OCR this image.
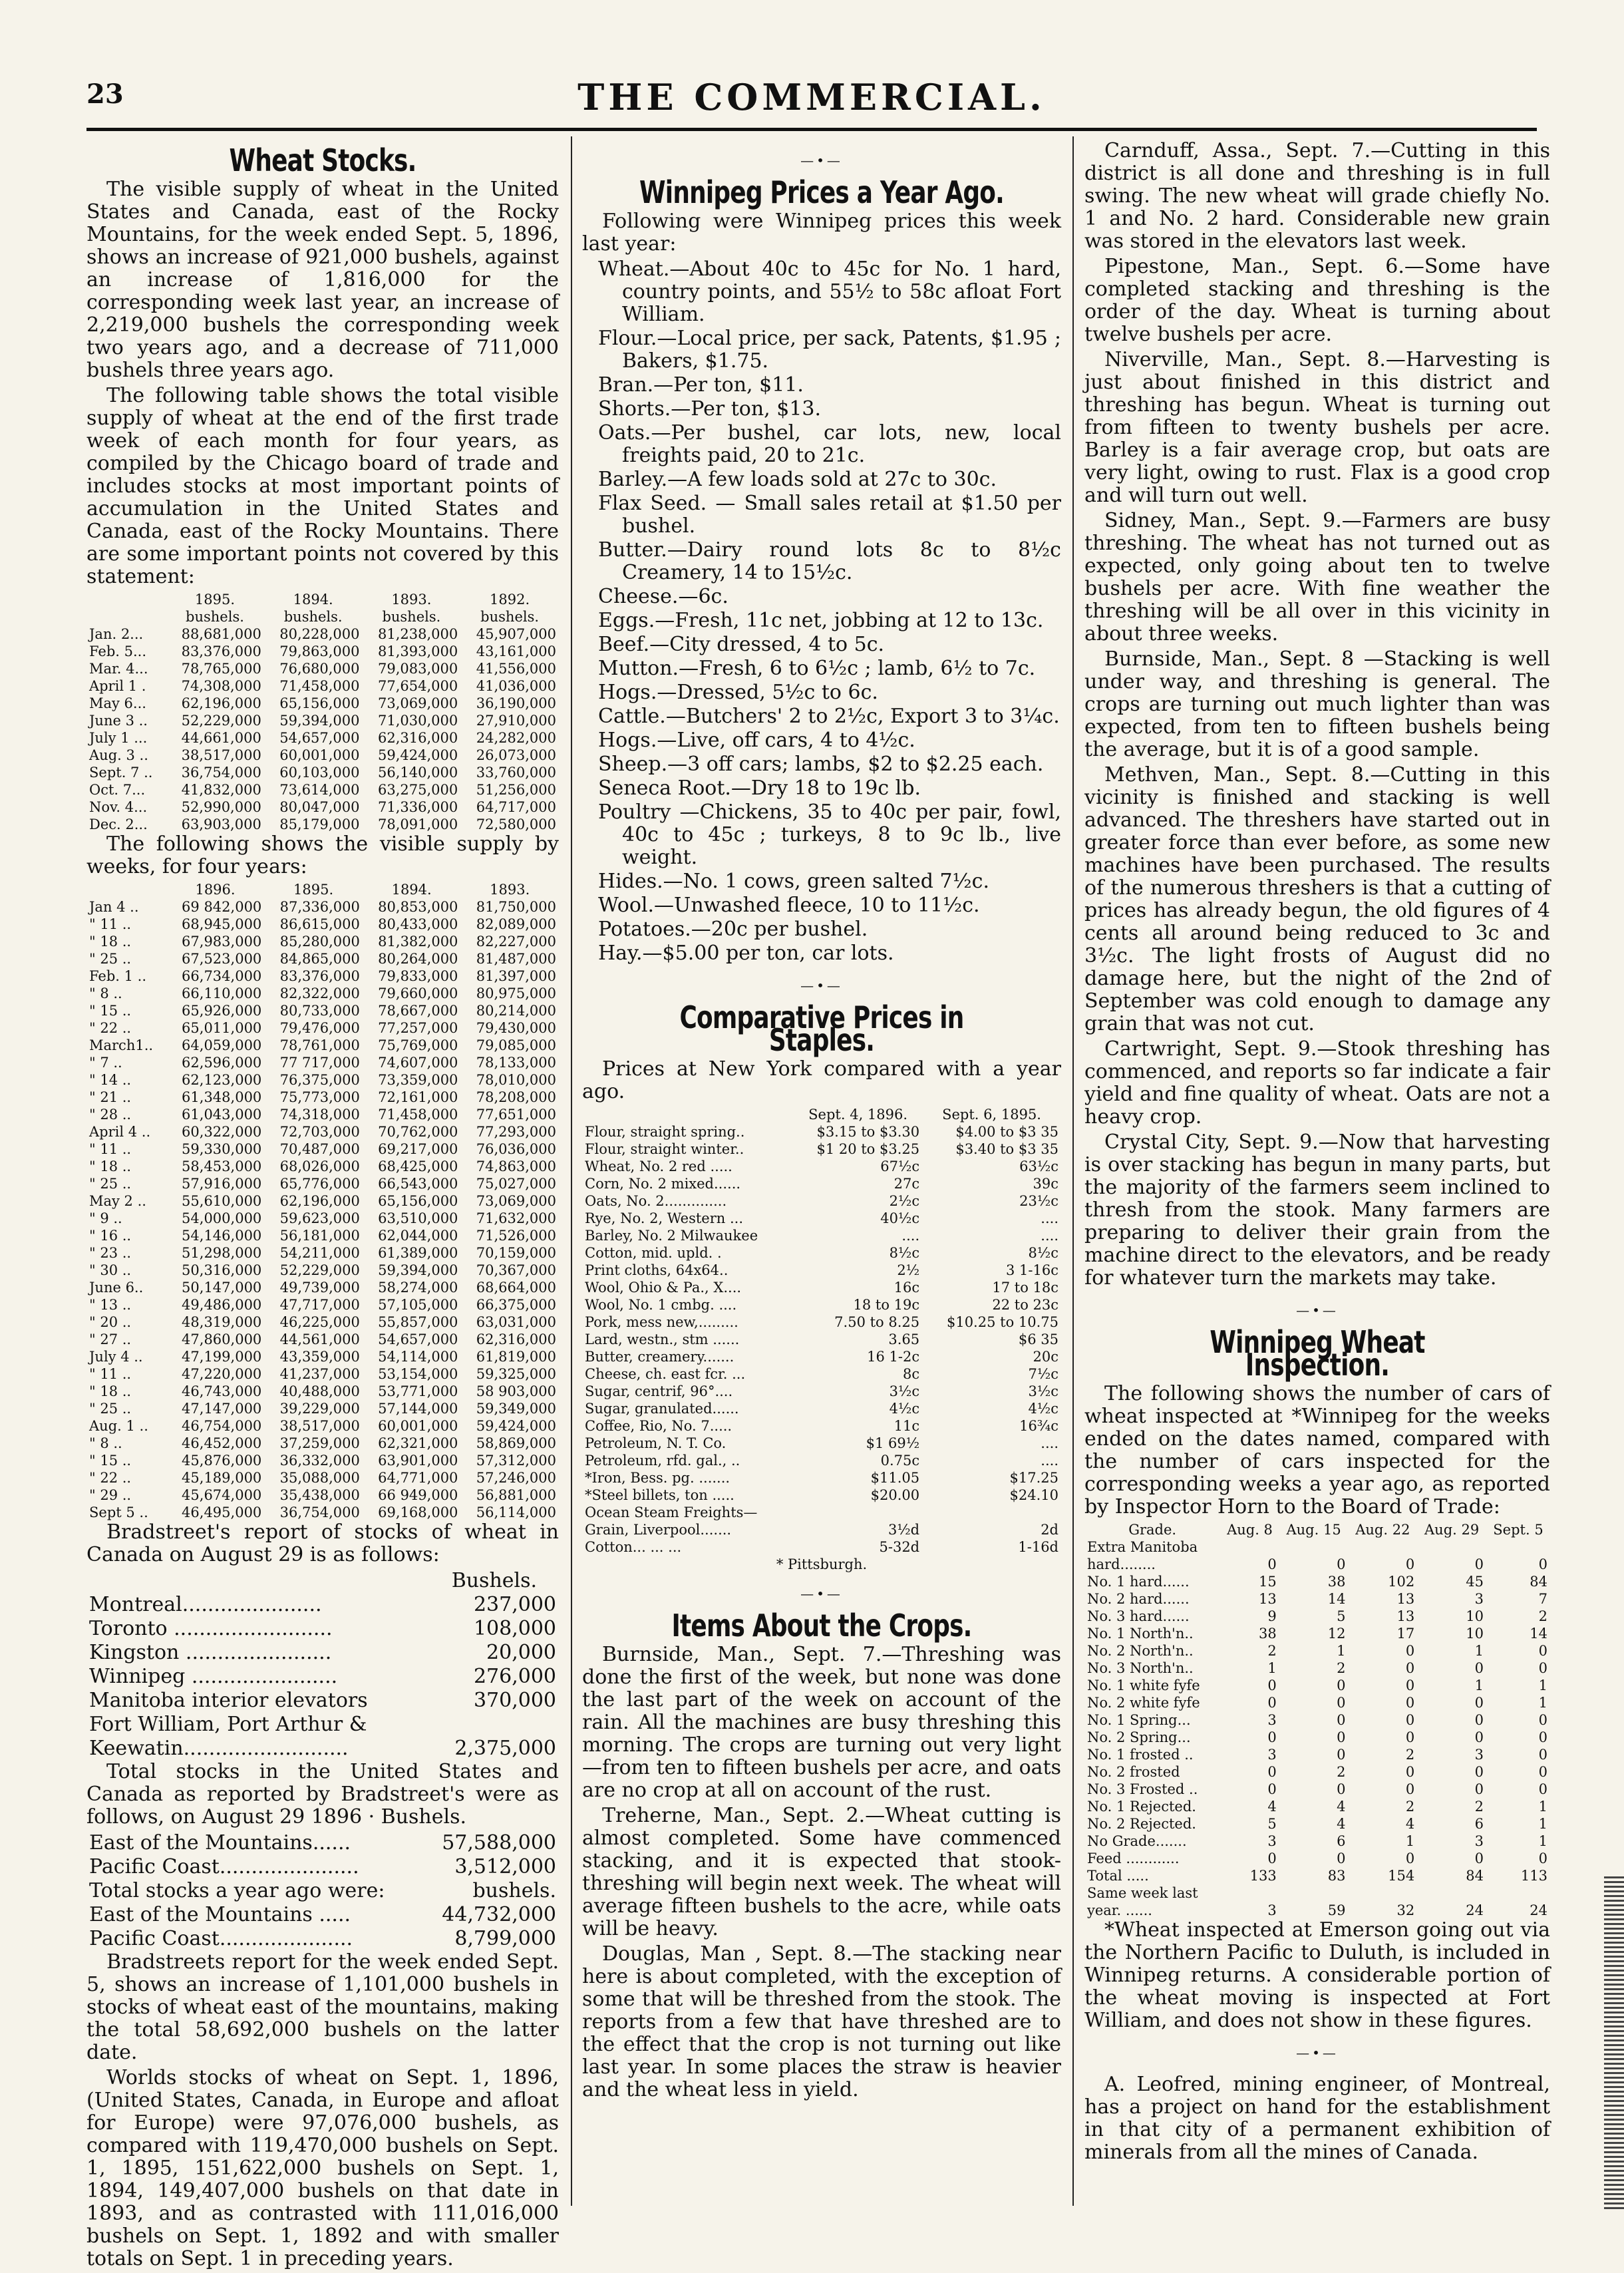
23	THE COMMERCIAL.
Wheat Stocks.

The visible supply of wheat in the United States and Canada, east of the Rocky Mountains, for the week ended Sept. 5, 1896, shows an increase of 921,000 bushels, against an increase of 1,816,000 for the corresponding week last year, an increase of 2,219,000 bushels the corresponding week two years ago, and a decrease of 711,000 bushels three years ago.

The following table shows the total visible supply of wheat at the end of the first trade week of each month for four years, as compiled by the Chicago board of trade and includes stocks at most important points of accumulation in the United States and Canada, east of the Rocky Mountains. There are some important points not covered by this statement:

	1895.	1894.	1893.	1892.
	bushels.	bushels.	bushels.	bushels.
Jan. 2...	88,681,000	80,228,000	81,238,000	45,907,000
Feb. 5...	83,376,000	79,863,000	81,393,000	43,161,000
Mar. 4...	78,765,000	76,680,000	79,083,000	41,556,000
April 1 .	74,308,000	71,458,000	77,654,000	41,036,000
May 6...	62,196,000	65,156,000	73,069,000	36,190,000
June 3 ..	52,229,000	59,394,000	71,030,000	27,910,000
July 1 ...	44,661,000	54,657,000	62,316,000	24,282,000
Aug. 3 ..	38,517,000	60,001,000	59,424,000	26,073,000
Sept. 7 ..	36,754,000	60,103,000	56,140,000	33,760,000
Oct. 7...	41,832,000	73,614,000	63,275,000	51,256,000
Nov. 4...	52,990,000	80,047,000	71,336,000	64,717,000
Dec. 2...	63,903,000	85,179,000	78,091,000	72,580,000

The following shows the visible supply by weeks, for four years:

	1896.	1895.	1894.	1893.
Jan 4 ..	69 842,000	87,336,000	80,853,000	81,750,000
" 11 ..	68,945,000	86,615,000	80,433,000	82,089,000
" 18 ..	67,983,000	85,280,000	81,382,000	82,227,000
" 25 ..	67,523,000	84,865,000	80,264,000	81,487,000
Feb. 1 ..	66,734,000	83,376,000	79,833,000	81,397,000
" 8 ..	66,110,000	82,322,000	79,660,000	80,975,000
" 15 ..	65,926,000	80,733,000	78,667,000	80,214,000
" 22 ..	65,011,000	79,476,000	77,257,000	79,430,000
March1..	64,059,000	78,761,000	75,769,000	79,085,000
" 7 ..	62,596,000	77 717,000	74,607,000	78,133,000
" 14 ..	62,123,000	76,375,000	73,359,000	78,010,000
" 21 ..	61,348,000	75,773,000	72,161,000	78,208,000
" 28 ..	61,043,000	74,318,000	71,458,000	77,651,000
April 4 ..	60,322,000	72,703,000	70,762,000	77,293,000
" 11 ..	59,330,000	70,487,000	69,217,000	76,036,000
" 18 ..	58,453,000	68,026,000	68,425,000	74,863,000
" 25 ..	57,916,000	65,776,000	66,543,000	75,027,000
May 2 ..	55,610,000	62,196,000	65,156,000	73,069,000
" 9 ..	54,000,000	59,623,000	63,510,000	71,632,000
" 16 ..	54,146,000	56,181,000	62,044,000	71,526,000
" 23 ..	51,298,000	54,211,000	61,389,000	70,159,000
" 30 ..	50,316,000	52,229,000	59,394,000	70,367,000
June 6..	50,147,000	49,739,000	58,274,000	68,664,000
" 13 ..	49,486,000	47,717,000	57,105,000	66,375,000
" 20 ..	48,319,000	46,225,000	55,857,000	63,031,000
" 27 ..	47,860,000	44,561,000	54,657,000	62,316,000
July 4 ..	47,199,000	43,359,000	54,114,000	61,819,000
" 11 ..	47,220,000	41,237,000	53,154,000	59,325,000
" 18 ..	46,743,000	40,488,000	53,771,000	58 903,000
" 25 ..	47,147,000	39,229,000	57,144,000	59,349,000
Aug. 1 ..	46,754,000	38,517,000	60,001,000	59,424,000
" 8 ..	46,452,000	37,259,000	62,321,000	58,869,000
" 15 ..	45,876,000	36,332,000	63,901,000	57,312,000
" 22 ..	45,189,000	35,088,000	64,771,000	57,246,000
" 29 ..	45,674,000	35,438,000	66 949,000	56,881,000
Sept 5 ..	46,495,000	36,754,000	69,168,000	56,114,000

Bradstreet's report of stocks of wheat in Canada on August 29 is as follows:

	Bushels.
Montreal......................	237,000
Toronto .........................	108,000
Kingston .......................	20,000
Winnipeg .......................	276,000
Manitoba interior elevators	370,000
Fort William, Port Arthur &	
Keewatin..........................	2,375,000

Total stocks in the United States and Canada as reported by Bradstreet's were as follows, on August 29 1896 · Bushels.

East of the Mountains......	57,588,000
Pacific Coast......................	3,512,000
Total stocks a year ago were:	bushels.
East of the Mountains .....	44,732,000
Pacific Coast.....................	8,799,000

Bradstreets report for the week ended Sept. 5, shows an increase of 1,101,000 bushels in stocks of wheat east of the mountains, making the total 58,692,000 bushels on the latter date.

Worlds stocks of wheat on Sept. 1, 1896, (United States, Canada, in Europe and afloat for Europe) were 97,076,000 bushels, as compared with 119,470,000 bushels on Sept. 1, 1895, 151,622,000 bushels on Sept. 1, 1894, 149,407,000 bushels on that date in 1893, and as contrasted with 111,016,000 bushels on Sept. 1, 1892 and with smaller totals on Sept. 1 in preceding years.

—•—
Winnipeg Prices a Year Ago.

Following were Winnipeg prices this week last year:

Wheat.—About 40c to 45c for No. 1 hard, country points, and 55½ to 58c afloat Fort William.

Flour.—Local price, per sack, Patents, $1.95 ; Bakers, $1.75.

Bran.—Per ton, $11.

Shorts.—Per ton, $13.

Oats.—Per bushel, car lots, new, local freights paid, 20 to 21c.

Barley.—A few loads sold at 27c to 30c.

Flax Seed. — Small sales retail at $1.50 per bushel.

Butter.—Dairy round lots 8c to 8½c Creamery, 14 to 15½c.

Cheese.—6c.

Eggs.—Fresh, 11c net, jobbing at 12 to 13c.

Beef.—City dressed, 4 to 5c.

Mutton.—Fresh, 6 to 6½c ; lamb, 6½ to 7c.

Hogs.—Dressed, 5½c to 6c.

Cattle.—Butchers' 2 to 2½c, Export 3 to 3¼c.

Hogs.—Live, off cars, 4 to 4½c.

Sheep.—3 off cars; lambs, $2 to $2.25 each.

Seneca Root.—Dry 18 to 19c lb.

Poultry —Chickens, 35 to 40c per pair, fowl, 40c to 45c ; turkeys, 8 to 9c lb., live weight.

Hides.—No. 1 cows, green salted 7½c.

Wool.—Unwashed fleece, 10 to 11½c.

Potatoes.—20c per bushel.

Hay.—$5.00 per ton, car lots.

—•—
Comparative Prices in Staples.

Prices at New York compared with a year ago.

	Sept. 4, 1896.	Sept. 6, 1895.
Flour, straight spring..	$3.15 to $3.30	$4.00 to $3 35
Flour, straight winter..	$1 20 to $3.25	$3.40 to $3 35
Wheat, No. 2 red .....	67½c	63½c
Corn, No. 2 mixed......	27c	39c
Oats, No. 2..............	2½c	23½c
Rye, No. 2, Western ...	40½c	....
Barley, No. 2 Milwaukee	....	....
Cotton, mid. upld. .	8½c	8½c
Print cloths, 64x64..	2½	3 1-16c
Wool, Ohio & Pa., X....	16c	17 to 18c
Wool, No. 1 cmbg. ....	18 to 19c	22 to 23c
Pork, mess new,.........	7.50 to 8.25	$10.25 to 10.75
Lard, westn., stm ......	3.65	$6 35
Butter, creamery.......	16 1-2c	20c
Cheese, ch. east fcr. ...	8c	7½c
Sugar, centrif, 96°....	3½c	3½c
Sugar, granulated......	4½c	4½c
Coffee, Rio, No. 7.....	11c	16¾c
Petroleum, N. T. Co.	$1 69½	....
Petroleum, rfd. gal., ..	0.75c	....
*Iron, Bess. pg. .......	$11.05	$17.25
*Steel billets, ton .....	$20.00	$24.10
Ocean Steam Freights—		
Grain, Liverpool.......	3½d	2d
Cotton... ... ...	5-32d	1-16d
* Pittsburgh.
—•—
Items About the Crops.

Burnside, Man., Sept. 7.—Threshing was done the first of the week, but none was done the last part of the week on account of the rain. All the machines are busy threshing this morning. The crops are turning out very light—from ten to fifteen bushels per acre, and oats are no crop at all on account of the rust.

Treherne, Man., Sept. 2.—Wheat cutting is almost completed. Some have commenced stacking, and it is expected that stook-threshing will begin next week. The wheat will average fifteen bushels to the acre, while oats will be heavy.

Douglas, Man , Sept. 8.—The stacking near here is about completed, with the exception of some that will be threshed from the stook. The reports from a few that have threshed are to the effect that the crop is not turning out like last year. In some places the straw is heavier and the wheat less in yield.

Carnduff, Assa., Sept. 7.—Cutting in this district is all done and threshing is in full swing. The new wheat will grade chiefly No. 1 and No. 2 hard. Considerable new grain was stored in the elevators last week.

Pipestone, Man., Sept. 6.—Some have completed stacking and threshing is the order of the day. Wheat is turning about twelve bushels per acre.

Niverville, Man., Sept. 8.—Harvesting is just about finished in this district and threshing has begun. Wheat is turning out from fifteen to twenty bushels per acre. Barley is a fair average crop, but oats are very light, owing to rust. Flax is a good crop and will turn out well.

Sidney, Man., Sept. 9.—Farmers are busy threshing. The wheat has not turned out as expected, only going about ten to twelve bushels per acre. With fine weather the threshing will be all over in this vicinity in about three weeks.

Burnside, Man., Sept. 8 —Stacking is well under way, and threshing is general. The crops are turning out much lighter than was expected, from ten to fifteen bushels being the average, but it is of a good sample.

Methven, Man., Sept. 8.—Cutting in this vicinity is finished and stacking is well advanced. The threshers have started out in greater force than ever before, as some new machines have been purchased. The results of the numerous threshers is that a cutting of prices has already begun, the old figures of 4 cents all around being reduced to 3c and 3½c. The light frosts of August did no damage here, but the night of the 2nd of September was cold enough to damage any grain that was not cut.

Cartwright, Sept. 9.—Stook threshing has commenced, and reports so far indicate a fair yield and fine quality of wheat. Oats are not a heavy crop.

Crystal City, Sept. 9.—Now that harvesting is over stacking has begun in many parts, but the majority of the farmers seem inclined to thresh from the stook. Many farmers are preparing to deliver their grain from the machine direct to the elevators, and be ready for whatever turn the markets may take.

—•—
Winnipeg Wheat Inspection.

The following shows the number of cars of wheat inspected at *Winnipeg for the weeks ended on the dates named, compared with the number of cars inspected for the corresponding weeks a year ago, as reported by Inspector Horn to the Board of Trade:

Grade.	Aug. 8	Aug. 15	Aug. 22	Aug. 29	Sept. 5
Extra Manitoba					
hard........	0	0	0	0	0
No. 1 hard......	15	38	102	45	84
No. 2 hard......	13	14	13	3	7
No. 3 hard......	9	5	13	10	2
No. 1 North'n..	38	12	17	10	14
No. 2 North'n..	2	1	0	1	0
No. 3 North'n..	1	2	0	0	0
No. 1 white fyfe	0	0	0	1	1
No. 2 white fyfe	0	0	0	0	1
No. 1 Spring...	3	0	0	0	0
No. 2 Spring...	0	0	0	0	0
No. 1 frosted ..	3	0	2	3	0
No. 2 frosted	0	2	0	0	0
No. 3 Frosted ..	0	0	0	0	0
No. 1 Rejected.	4	4	2	2	1
No. 2 Rejected.	5	4	4	6	1
No Grade.......	3	6	1	3	1
Feed ............	0	0	0	0	0
Total .....	133	83	154	84	113
Same week last					
year. ......	3	59	32	24	24

*Wheat inspected at Emerson going out via the Northern Pacific to Duluth, is included in Winnipeg returns. A considerable portion of the wheat moving is inspected at Fort William, and does not show in these figures.

—•—

A. Leofred, mining engineer, of Montreal, has a project on hand for the establishment in that city of a permanent exhibition of minerals from all the mines of Canada.
